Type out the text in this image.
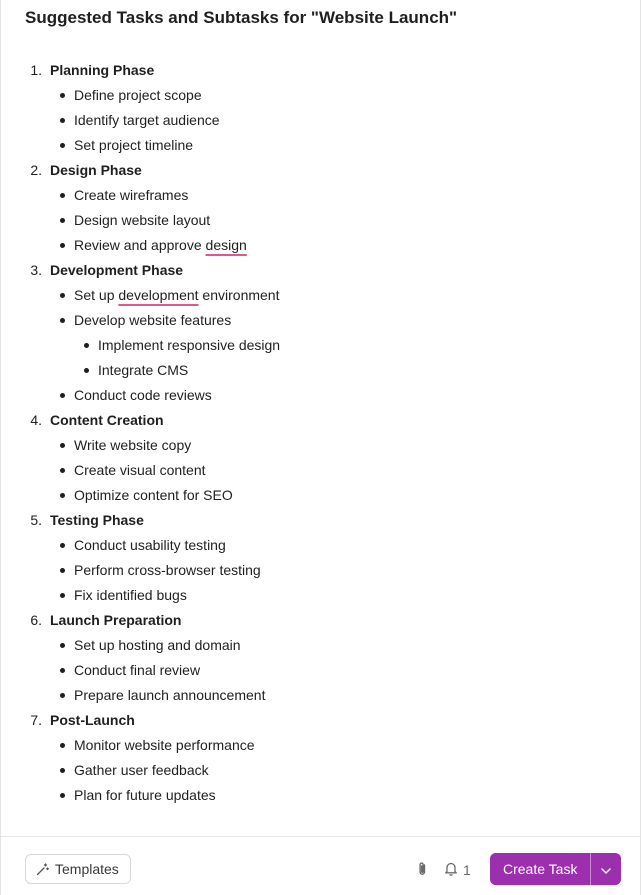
Suggested Tasks and Subtasks for "Website Launch"
1. Planning Phase
Define project scope
Identify target audience
Set project timeline
2. Design Phase
Create wireframes
Design website layout
Review and approve design
3. Development Phase
Set up development environment
Develop website features
Implement responsive design
Integrate CMS
Conduct code reviews
4. Content Creation
Write website copy
Create visual content
Optimize content for SEO
5. Testing Phase
Conduct usability testing
Perform cross-browser testing
Fix identified bugs
6. Launch Preparation
Set up hosting and domain
Conduct final review
Prepare launch announcement
7. Post-Launch
Monitor website performance
Gather user feedback
Plan for future updates
Templates	1	Create Task
